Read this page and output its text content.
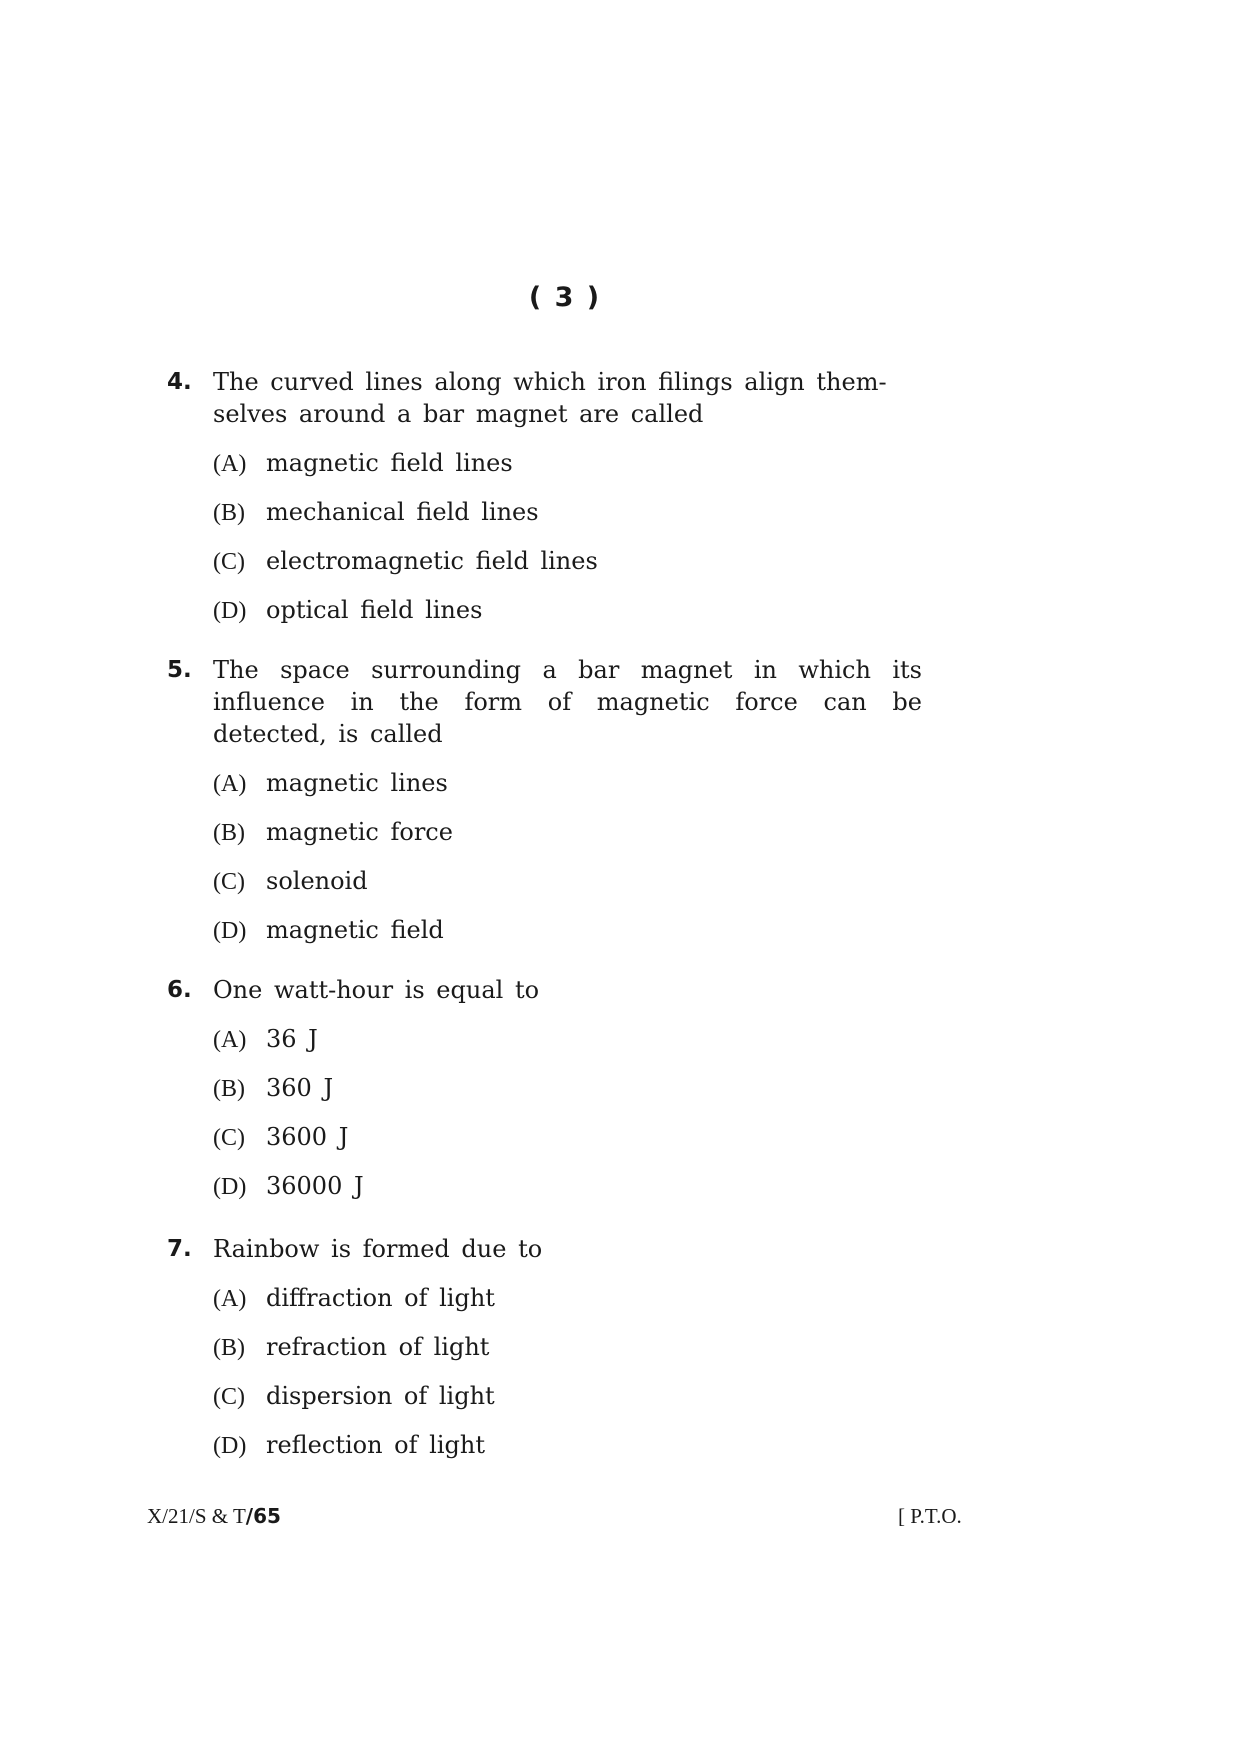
( 3 )
4. The curved lines along which iron filings align them-
selves around a bar magnet are called
(A) magnetic field lines
(B) mechanical field lines
(C) electromagnetic field lines
(D) optical field lines
5. The space surrounding a bar magnet in which its influence in the form of magnetic force can be detected, is called
(A) magnetic lines
(B) magnetic force
(C) solenoid
(D) magnetic field
6. One watt-hour is equal to
(A) 36 J
(B) 360 J
(C) 3600 J
(D) 36000 J
7. Rainbow is formed due to
(A) diffraction of light
(B) refraction of light
(C) dispersion of light
(D) reflection of light
X/21/S & T/65	[ P.T.O.
